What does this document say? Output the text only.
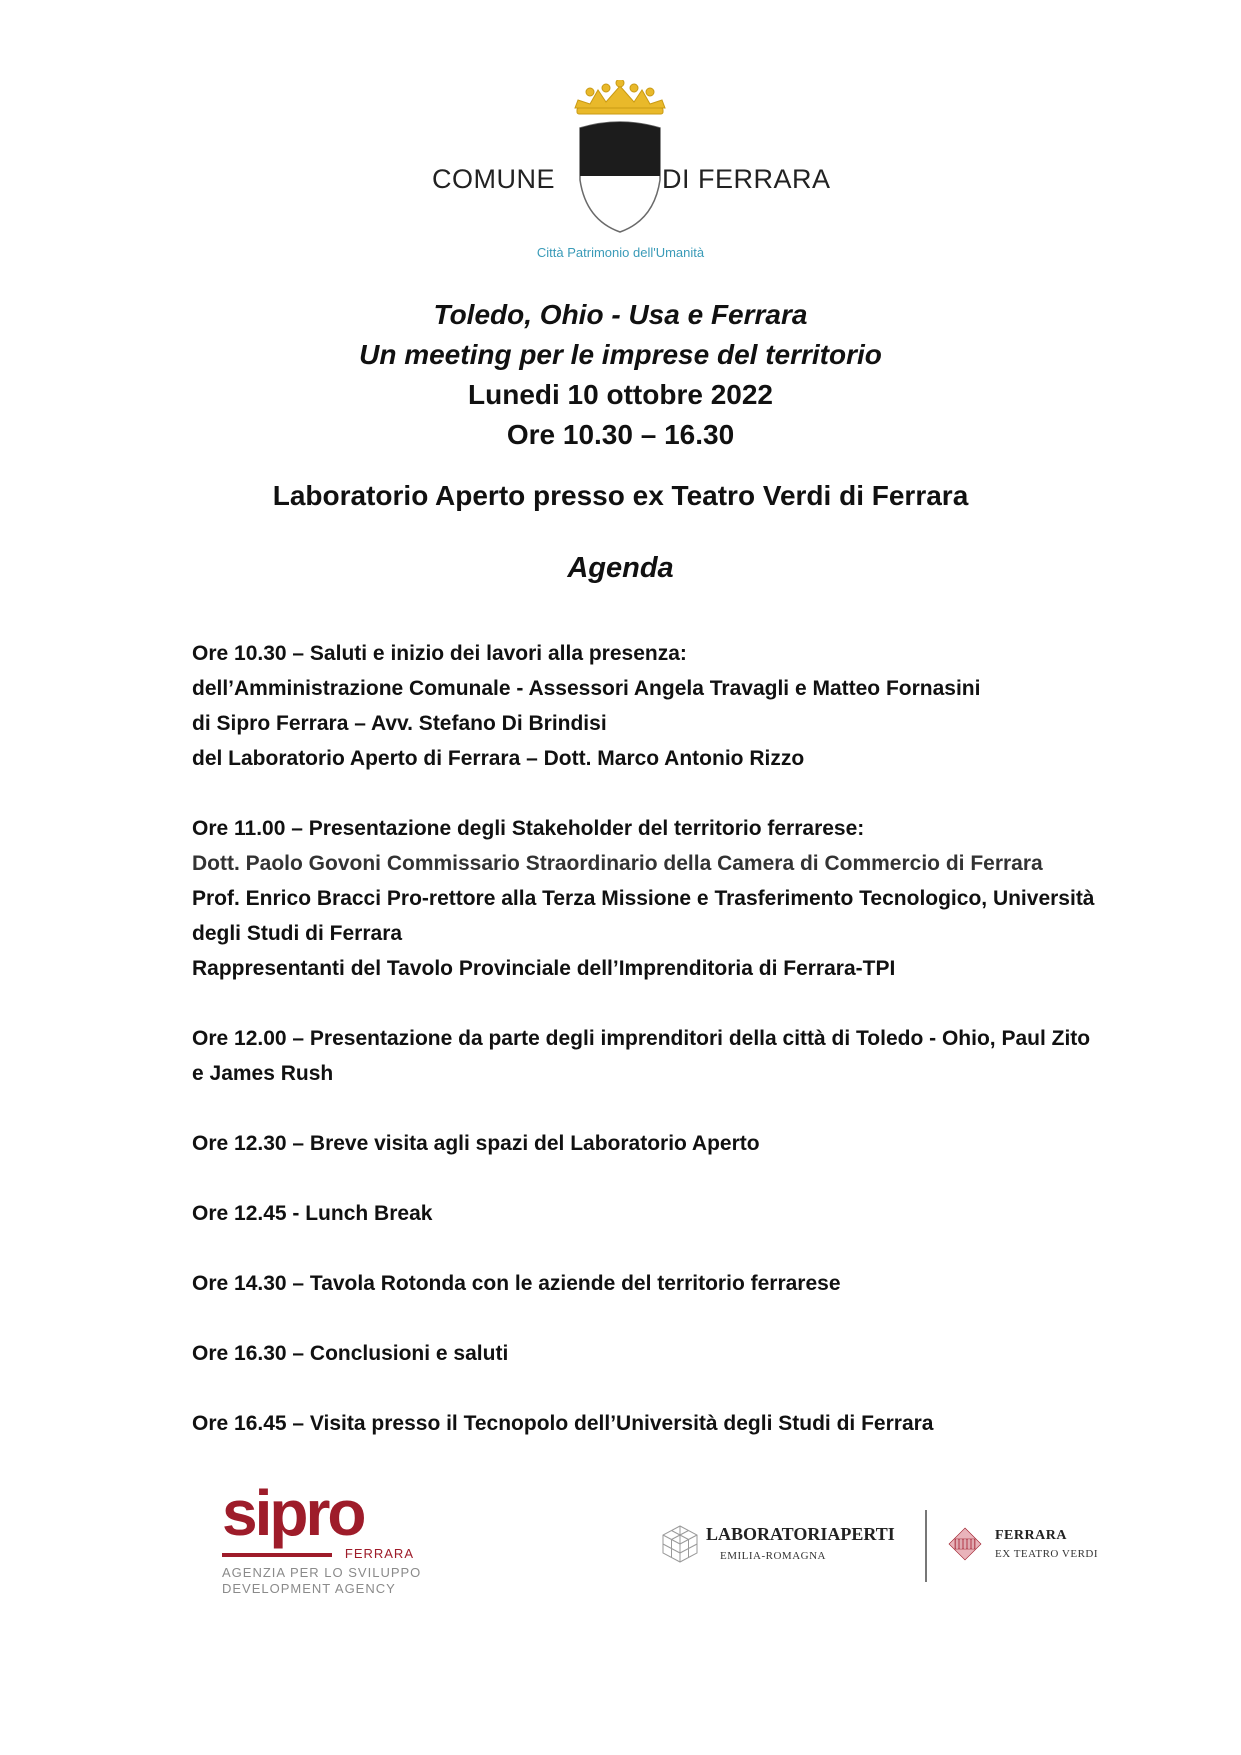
COMUNE	DI FERRARA
Città Patrimonio dell'Umanità
Toledo, Ohio - Usa e Ferrara
Un meeting per le imprese del territorio
Lunedi 10 ottobre 2022
Ore 10.30 – 16.30
Laboratorio Aperto presso ex Teatro Verdi di Ferrara
Agenda
Ore 10.30 – Saluti e inizio dei lavori alla presenza:
dell’Amministrazione Comunale - Assessori Angela Travagli e Matteo Fornasini
di Sipro Ferrara – Avv. Stefano Di Brindisi
del Laboratorio Aperto di Ferrara – Dott. Marco Antonio Rizzo
Ore 11.00 – Presentazione degli Stakeholder del territorio ferrarese:
Dott. Paolo Govoni Commissario Straordinario della Camera di Commercio di Ferrara
Prof. Enrico Bracci Pro-rettore alla Terza Missione e Trasferimento Tecnologico, Università
degli Studi di Ferrara
Rappresentanti del Tavolo Provinciale dell’Imprenditoria di Ferrara-TPI
Ore 12.00 – Presentazione da parte degli imprenditori della città di Toledo - Ohio, Paul Zito
e James Rush
Ore 12.30 – Breve visita agli spazi del Laboratorio Aperto
Ore 12.45 - Lunch Break
Ore 14.30 – Tavola Rotonda con le aziende del territorio ferrarese
Ore 16.30 – Conclusioni e saluti
Ore 16.45 – Visita presso il Tecnopolo dell’Università degli Studi di Ferrara
sipro
FERRARA
AGENZIA PER LO SVILUPPO
DEVELOPMENT AGENCY
LABORATORIAPERTI
EMILIA-ROMAGNA
FERRARA
EX TEATRO VERDI
